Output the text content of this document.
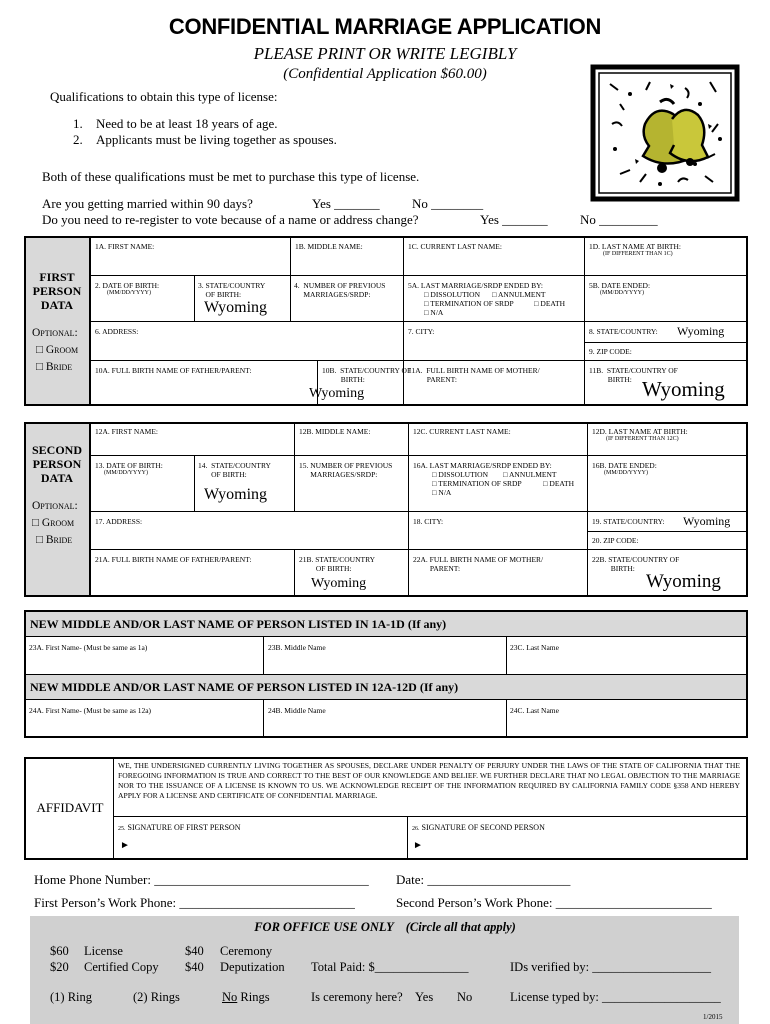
CONFIDENTIAL MARRIAGE APPLICATION
PLEASE PRINT OR WRITE LEGIBLY
(Confidential Application $60.00)
Qualifications to obtain this type of license:
1. Need to be at least 18 years of age.
2. Applicants must be living together as spouses.
Both of these qualifications must be met to purchase this type of license.
Are you getting married within 90 days?	Yes _______ No ________
Do you need to re-register to vote because of a name or address change?	Yes _______ No _________
FIRST
PERSON
DATA
Optional:
□ Groom
□ Bride
1A. FIRST NAME:	1B. MIDDLE NAME:	1C. CURRENT LAST NAME:	1D. LAST NAME AT BIRTH:
(IF DIFFERENT THAN 1C)
2. DATE OF BIRTH:
(MM/DD/YYYY)
3. STATE/COUNTRY
OF BIRTH:
Wyoming
4.  NUMBER OF PREVIOUS
MARRIAGES/SRDP:
5A. LAST MARRIAGE/SRDP ENDED BY:
□ DISSOLUTION □ ANNULMENT
□ TERMINATION OF SRDP	□ DEATH
□ N/A
5B. DATE ENDED:
(MM/DD/YYYY)
6. ADDRESS:	7. CITY:	8. STATE/COUNTRY: Wyoming
9. ZIP CODE:
10A. FULL BIRTH NAME OF FATHER/PARENT:	10B.  STATE/COUNTRY OF
BIRTH:
Wyoming
11A.  FULL BIRTH NAME OF MOTHER/
PARENT:
11B.  STATE/COUNTRY OF
BIRTH: Wyoming
SECOND
PERSON
DATA
Optional:
□ Groom
□ Bride
12A. FIRST NAME:	12B. MIDDLE NAME:	12C. CURRENT LAST NAME:	12D. LAST NAME AT BIRTH:
(IF DIFFERENT THAN 12C)
13. DATE OF BIRTH:
(MM/DD/YYYY)
14.  STATE/COUNTRY
OF BIRTH:
Wyoming
15. NUMBER OF PREVIOUS
MARRIAGES/SRDP:
16A. LAST MARRIAGE/SRDP ENDED BY:
□ DISSOLUTION □ ANNULMENT
□ TERMINATION OF SRDP	□ DEATH
□ N/A
16B. DATE ENDED:
(MM/DD/YYYY)
17. ADDRESS:	18. CITY:	19. STATE/COUNTRY: Wyoming
20. ZIP CODE:
21A. FULL BIRTH NAME OF FATHER/PARENT:	21B. STATE/COUNTRY
OF BIRTH:
Wyoming
22A. FULL BIRTH NAME OF MOTHER/
PARENT:
22B. STATE/COUNTRY OF
BIRTH:
Wyoming
NEW MIDDLE AND/OR LAST NAME OF PERSON LISTED IN 1A-1D (If any)
23A. First Name- (Must be same as 1a)	23B. Middle Name	23C. Last Name
NEW MIDDLE AND/OR LAST NAME OF PERSON LISTED IN 12A-12D (If any)
24A. First Name- (Must be same as 12a)	24B. Middle Name	24C. Last Name
AFFIDAVIT
WE, THE UNDERSIGNED CURRENTLY LIVING TOGETHER AS SPOUSES, DECLARE UNDER PENALTY OF PERJURY UNDER THE LAWS OF THE STATE OF CALIFORNIA THAT THE FOREGOING INFORMATION IS TRUE AND CORRECT TO THE BEST OF OUR KNOWLEDGE AND BELIEF. WE FURTHER DECLARE THAT NO LEGAL OBJECTION TO THE MARRIAGE NOR TO THE ISSUANCE OF A LICENSE IS KNOWN TO US. WE ACKNOWLEDGE RECEIPT OF THE INFORMATION REQUIRED BY CALIFORNIA FAMILY CODE §358 AND HEREBY APPLY FOR A LICENSE AND CERTIFICATE OF CONFIDENTIAL MARRIAGE.
25. SIGNATURE OF FIRST PERSON	26. SIGNATURE OF SECOND PERSON
►	►
Home Phone Number: _________________________________ Date: ______________________
First Person’s Work Phone: ___________________________	Second Person’s Work Phone: ________________________
FOR OFFICE USE ONLY    (Circle all that apply)
$60 License	$40 Ceremony
$20 Certified Copy $40 Deputization Total Paid: $_______________	IDs verified by: ___________________
(1) Ring	(2) Rings	No Rings	Is ceremony here? Yes No	License typed by: ___________________
1/2015
